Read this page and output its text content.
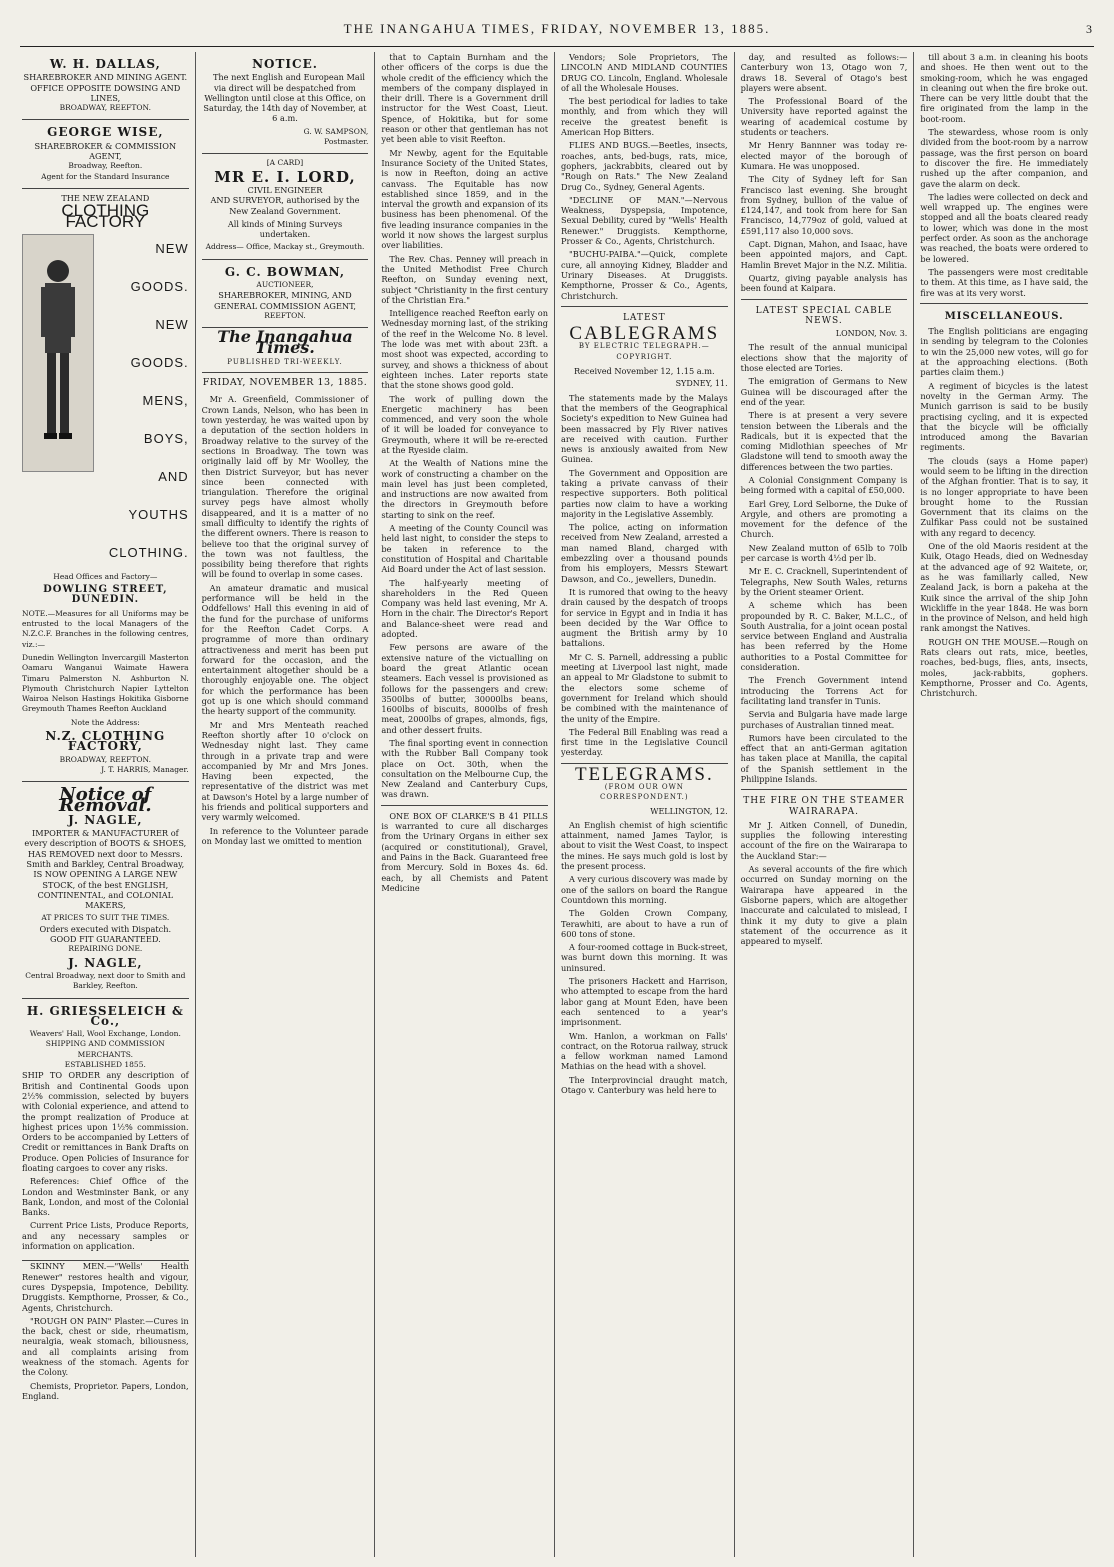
THE INANGAHUA TIMES, FRIDAY, NOVEMBER 13, 1885.	3
W. H. DALLAS,
SHAREBROKER AND MINING AGENT.
OFFICE OPPOSITE DOWSING AND LINES,
BROADWAY, REEFTON.
GEORGE WISE,
SHAREBROKER & COMMISSION
AGENT,
Broadway, Reefton.
Agent for the Standard Insurance
THE NEW ZEALAND
CLOTHING FACTORY
NEW
GOODS.
NEW
GOODS.
MENS,
BOYS,
AND
YOUTHS
CLOTHING.
Head Offices and Factory—
DOWLING STREET, DUNEDIN.

NOTE.—Measures for all Uniforms may be entrusted to the local Managers of the N.Z.C.F. Branches in the following centres, viz.:—

Dunedin Wellington Invercargill Masterton Oamaru Wanganui Waimate Hawera Timaru Palmerston N. Ashburton N. Plymouth Christchurch Napier Lyttelton Wairoa Nelson Hastings Hokitika Gisborne Greymouth Thames Reefton Auckland

Note the Address:
N.Z. CLOTHING FACTORY,
BROADWAY, REEFTON.
J. T. HARRIS, Manager.
Notice of Removal.
J. NAGLE,

IMPORTER & MANUFACTURER of every description of BOOTS & SHOES, HAS REMOVED next door to Messrs. Smith and Barkley, Central Broadway, IS NOW OPENING A LARGE NEW STOCK, of the best ENGLISH, CONTINENTAL, and COLONIAL MAKERS,

AT PRICES TO SUIT THE TIMES.
Orders executed with Dispatch.
GOOD FIT GUARANTEED.
REPAIRING DONE.
J. NAGLE,
Central Broadway, next door to Smith and Barkley, Reefton.
H. GRIESSELEICH & Co.,
Weavers' Hall, Wool Exchange, London.
SHIPPING AND COMMISSION MERCHANTS.
ESTABLISHED 1855.

SHIP TO ORDER any description of British and Continental Goods upon 2½% commission, selected by buyers with Colonial experience, and attend to the prompt realization of Produce at highest prices upon 1½% commission. Orders to be accompanied by Letters of Credit or remittances in Bank Drafts on Produce. Open Policies of Insurance for floating cargoes to cover any risks.

References: Chief Office of the London and Westminster Bank, or any Bank, London, and most of the Colonial Banks.

Current Price Lists, Produce Reports, and any necessary samples or information on application.

SKINNY MEN.—"Wells' Health Renewer" restores health and vigour, cures Dyspepsia, Impotence, Debility. Druggists. Kempthorne, Prosser, & Co., Agents, Christchurch.

"ROUGH ON PAIN" Plaster.—Cures in the back, chest or side, rheumatism, neuralgia, weak stomach, biliousness, and all complaints arising from weakness of the stomach. Agents for the Colony.

Chemists, Proprietor. Papers, London, England.

NOTICE.

The next English and European Mail via direct will be despatched from Wellington until close at this Office, on Saturday, the 14th day of November, at 6 a.m.

G. W. SAMPSON,
Postmaster.
[A CARD]
MR E. I. LORD,
CIVIL ENGINEER

AND SURVEYOR, authorised by the New Zealand Government.

All kinds of Mining Surveys undertaken.

Address— Office, Mackay st., Greymouth.
G. C. BOWMAN,
AUCTIONEER,
SHAREBROKER, MINING, AND GENERAL COMMISSION AGENT,
REEFTON.
The Inangahua Times.
PUBLISHED TRI-WEEKLY.
FRIDAY, NOVEMBER 13, 1885.

Mr A. Greenfield, Commissioner of Crown Lands, Nelson, who has been in town yesterday, he was waited upon by a deputation of the section holders in Broadway relative to the survey of the sections in Broadway. The town was originally laid off by Mr Woolley, the then District Surveyor, but has never since been connected with triangulation. Therefore the original survey pegs have almost wholly disappeared, and it is a matter of no small difficulty to identify the rights of the different owners. There is reason to believe too that the original survey of the town was not faultless, the possibility being therefore that rights will be found to overlap in some cases.

An amateur dramatic and musical performance will be held in the Oddfellows' Hall this evening in aid of the fund for the purchase of uniforms for the Reefton Cadet Corps. A programme of more than ordinary attractiveness and merit has been put forward for the occasion, and the entertainment altogether should be a thoroughly enjoyable one. The object for which the performance has been got up is one which should command the hearty support of the community.

Mr and Mrs Menteath reached Reefton shortly after 10 o'clock on Wednesday night last. They came through in a private trap and were accompanied by Mr and Mrs Jones. Having been expected, the representative of the district was met at Dawson's Hotel by a large number of his friends and political supporters and very warmly welcomed.

In reference to the Volunteer parade on Monday last we omitted to mention

that to Captain Burnham and the other officers of the corps is due the whole credit of the efficiency which the members of the company displayed in their drill. There is a Government drill instructor for the West Coast, Lieut. Spence, of Hokitika, but for some reason or other that gentleman has not yet been able to visit Reefton.

Mr Newby, agent for the Equitable Insurance Society of the United States, is now in Reefton, doing an active canvass. The Equitable has now established since 1859, and in the interval the growth and expansion of its business has been phenomenal. Of the five leading insurance companies in the world it now shows the largest surplus over liabilities.

The Rev. Chas. Penney will preach in the United Methodist Free Church Reefton, on Sunday evening next, subject "Christianity in the first century of the Christian Era."

Intelligence reached Reefton early on Wednesday morning last, of the striking of the reef in the Welcome No. 8 level. The lode was met with about 23ft. a most shoot was expected, according to survey, and shows a thickness of about eighteen inches. Later reports state that the stone shows good gold.

The work of pulling down the Energetic machinery has been commenced, and very soon the whole of it will be loaded for conveyance to Greymouth, where it will be re-erected at the Ryeside claim.

At the Wealth of Nations mine the work of constructing a chamber on the main level has just been completed, and instructions are now awaited from the directors in Greymouth before starting to sink on the reef.

A meeting of the County Council was held last night, to consider the steps to be taken in reference to the constitution of Hospital and Charitable Aid Board under the Act of last session.

The half-yearly meeting of shareholders in the Red Queen Company was held last evening, Mr A. Horn in the chair. The Director's Report and Balance-sheet were read and adopted.

Few persons are aware of the extensive nature of the victualling on board the great Atlantic ocean steamers. Each vessel is provisioned as follows for the passengers and crew: 3500lbs of butter, 30000lbs beans, 1600lbs of biscuits, 8000lbs of fresh meat, 2000lbs of grapes, almonds, figs, and other dessert fruits.

The final sporting event in connection with the Rubber Ball Company took place on Oct. 30th, when the consultation on the Melbourne Cup, the New Zealand and Canterbury Cups, was drawn.

ONE BOX OF CLARKE'S B 41 PILLS is warranted to cure all discharges from the Urinary Organs in either sex (acquired or constitutional), Gravel, and Pains in the Back. Guaranteed free from Mercury. Sold in Boxes 4s. 6d. each, by all Chemists and Patent Medicine

Vendors; Sole Proprietors, The LINCOLN AND MIDLAND COUNTIES DRUG CO. Lincoln, England. Wholesale of all the Wholesale Houses.

The best periodical for ladies to take monthly, and from which they will receive the greatest benefit is American Hop Bitters.

FLIES AND BUGS.—Beetles, insects, roaches, ants, bed-bugs, rats, mice, gophers, jackrabbits, cleared out by "Rough on Rats." The New Zealand Drug Co., Sydney, General Agents.

"DECLINE OF MAN."—Nervous Weakness, Dyspepsia, Impotence, Sexual Debility, cured by "Wells' Health Renewer." Druggists. Kempthorne, Prosser & Co., Agents, Christchurch.

"BUCHU-PAIBA."—Quick, complete cure, all annoying Kidney, Bladder and Urinary Diseases. At Druggists. Kempthorne, Prosser & Co., Agents, Christchurch.

LATEST
CABLEGRAMS
BY ELECTRIC TELEGRAPH.—COPYRIGHT.
Received November 12, 1.15 a.m.
SYDNEY, 11.

The statements made by the Malays that the members of the Geographical Society's expedition to New Guinea had been massacred by Fly River natives are received with caution. Further news is anxiously awaited from New Guinea.

The Government and Opposition are taking a private canvass of their respective supporters. Both political parties now claim to have a working majority in the Legislative Assembly.

The police, acting on information received from New Zealand, arrested a man named Bland, charged with embezzling over a thousand pounds from his employers, Messrs Stewart Dawson, and Co., jewellers, Dunedin.

It is rumored that owing to the heavy drain caused by the despatch of troops for service in Egypt and in India it has been decided by the War Office to augment the British army by 10 battalions.

Mr C. S. Parnell, addressing a public meeting at Liverpool last night, made an appeal to Mr Gladstone to submit to the electors some scheme of government for Ireland which should be combined with the maintenance of the unity of the Empire.

The Federal Bill Enabling was read a first time in the Legislative Council yesterday.

TELEGRAMS.
(FROM OUR OWN CORRESPONDENT.)
WELLINGTON, 12.

An English chemist of high scientific attainment, named James Taylor, is about to visit the West Coast, to inspect the mines. He says much gold is lost by the present process.

A very curious discovery was made by one of the sailors on board the Rangue Countdown this morning.

The Golden Crown Company, Terawhiti, are about to have a run of 600 tons of stone.

A four-roomed cottage in Buck-street, was burnt down this morning. It was uninsured.

The prisoners Hackett and Harrison, who attempted to escape from the hard labor gang at Mount Eden, have been each sentenced to a year's imprisonment.

Wm. Hanlon, a workman on Falls' contract, on the Rotorua railway, struck a fellow workman named Lamond Mathias on the head with a shovel.

The Interprovincial draught match, Otago v. Canterbury was held here to

day, and resulted as follows:—Canterbury won 13, Otago won 7, draws 18. Several of Otago's best players were absent.

The Professional Board of the University have reported against the wearing of academical costume by students or teachers.

Mr Henry Bannner was today re-elected mayor of the borough of Kumara. He was unopposed.

The City of Sydney left for San Francisco last evening. She brought from Sydney, bullion of the value of £124,147, and took from here for San Francisco, 14,779oz of gold, valued at £591,117 also 10,000 sovs.

Capt. Dignan, Mahon, and Isaac, have been appointed majors, and Capt. Hamlin Brevet Major in the N.Z. Militia.

Quartz, giving payable analysis has been found at Kaipara.

LATEST SPECIAL CABLE NEWS.
LONDON, Nov. 3.

The result of the annual municipal elections show that the majority of those elected are Tories.

The emigration of Germans to New Guinea will be discouraged after the end of the year.

There is at present a very severe tension between the Liberals and the Radicals, but it is expected that the coming Midlothian speeches of Mr Gladstone will tend to smooth away the differences between the two parties.

A Colonial Consignment Company is being formed with a capital of £50,000.

Earl Grey, Lord Selborne, the Duke of Argyle, and others are promoting a movement for the defence of the Church.

New Zealand mutton of 65lb to 70lb per carcase is worth 4½d per lb.

Mr E. C. Cracknell, Superintendent of Telegraphs, New South Wales, returns by the Orient steamer Orient.

A scheme which has been propounded by R. C. Baker, M.L.C., of South Australia, for a joint ocean postal service between England and Australia has been referred by the Home authorities to a Postal Committee for consideration.

The French Government intend introducing the Torrens Act for facilitating land transfer in Tunis.

Servia and Bulgaria have made large purchases of Australian tinned meat.

Rumors have been circulated to the effect that an anti-German agitation has taken place at Manilla, the capital of the Spanish settlement in the Philippine Islands.

THE FIRE ON THE STEAMER WAIRARAPA.

Mr J. Aitken Connell, of Dunedin, supplies the following interesting account of the fire on the Wairarapa to the Auckland Star:—

As several accounts of the fire which occurred on Sunday morning on the Wairarapa have appeared in the Gisborne papers, which are altogether inaccurate and calculated to mislead, I think it my duty to give a plain statement of the occurrence as it appeared to myself.

till about 3 a.m. in cleaning his boots and shoes. He then went out to the smoking-room, which he was engaged in cleaning out when the fire broke out. There can be very little doubt that the fire originated from the lamp in the boot-room.

The stewardess, whose room is only divided from the boot-room by a narrow passage, was the first person on board to discover the fire. He immediately rushed up the after companion, and gave the alarm on deck.

The ladies were collected on deck and well wrapped up. The engines were stopped and all the boats cleared ready to lower, which was done in the most perfect order. As soon as the anchorage was reached, the boats were ordered to be lowered.

The passengers were most creditable to them. At this time, as I have said, the fire was at its very worst.

MISCELLANEOUS.

The English politicians are engaging in sending by telegram to the Colonies to win the 25,000 new votes, will go for at the approaching elections. (Both parties claim them.)

A regiment of bicycles is the latest novelty in the German Army. The Munich garrison is said to be busily practising cycling, and it is expected that the bicycle will be officially introduced among the Bavarian regiments.

The clouds (says a Home paper) would seem to be lifting in the direction of the Afghan frontier. That is to say, it is no longer appropriate to have been brought home to the Russian Government that its claims on the Zulfikar Pass could not be sustained with any regard to decency.

One of the old Maoris resident at the Kuik, Otago Heads, died on Wednesday at the advanced age of 92 Waitete, or, as he was familiarly called, New Zealand Jack, is born a pakeha at the Kuik since the arrival of the ship John Wickliffe in the year 1848. He was born in the province of Nelson, and held high rank amongst the Natives.

ROUGH ON THE MOUSE.—Rough on Rats clears out rats, mice, beetles, roaches, bed-bugs, flies, ants, insects, moles, jack-rabbits, gophers. Kempthorne, Prosser and Co. Agents, Christchurch.
